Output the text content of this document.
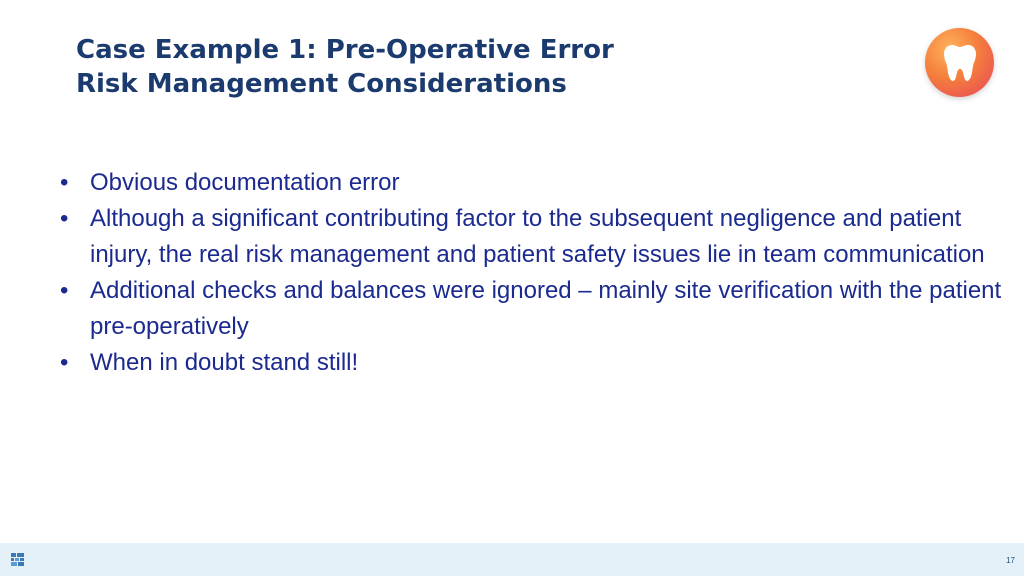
Case Example 1: Pre-Operative Error
Risk Management Considerations
• Obvious documentation error
• Although a significant contributing factor to the subsequent negligence and patient injury, the real risk management and patient safety issues lie in team communication
• Additional checks and balances were ignored – mainly site verification with the patient pre-operatively
• When in doubt stand still!
17
